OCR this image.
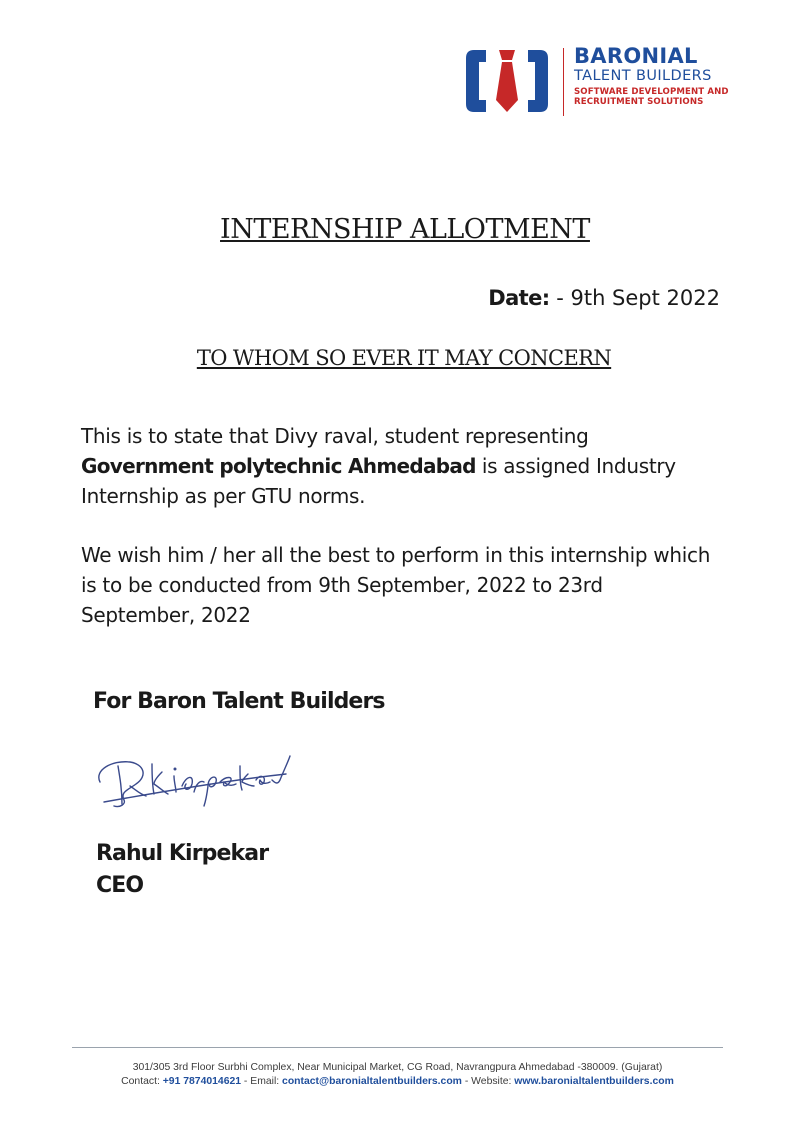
BARONIAL
TALENT BUILDERS
SOFTWARE DEVELOPMENT AND
RECRUITMENT SOLUTIONS
INTERNSHIP ALLOTMENT
Date: - 9th Sept 2022
TO WHOM SO EVER IT MAY CONCERN

This is to state that Divy raval, student representing Government polytechnic Ahmedabad is assigned Industry Internship as per GTU norms.

We wish him / her all the best to perform in this internship which is to be conducted from 9th September, 2022 to 23rd September, 2022

For Baron Talent Builders
Rahul Kirpekar
CEO
301/305 3rd Floor Surbhi Complex, Near Municipal Market, CG Road, Navrangpura Ahmedabad -380009. (Gujarat)
Contact: +91 7874014621 - Email: contact@baronialtalentbuilders.com - Website: www.baronialtalentbuilders.com
